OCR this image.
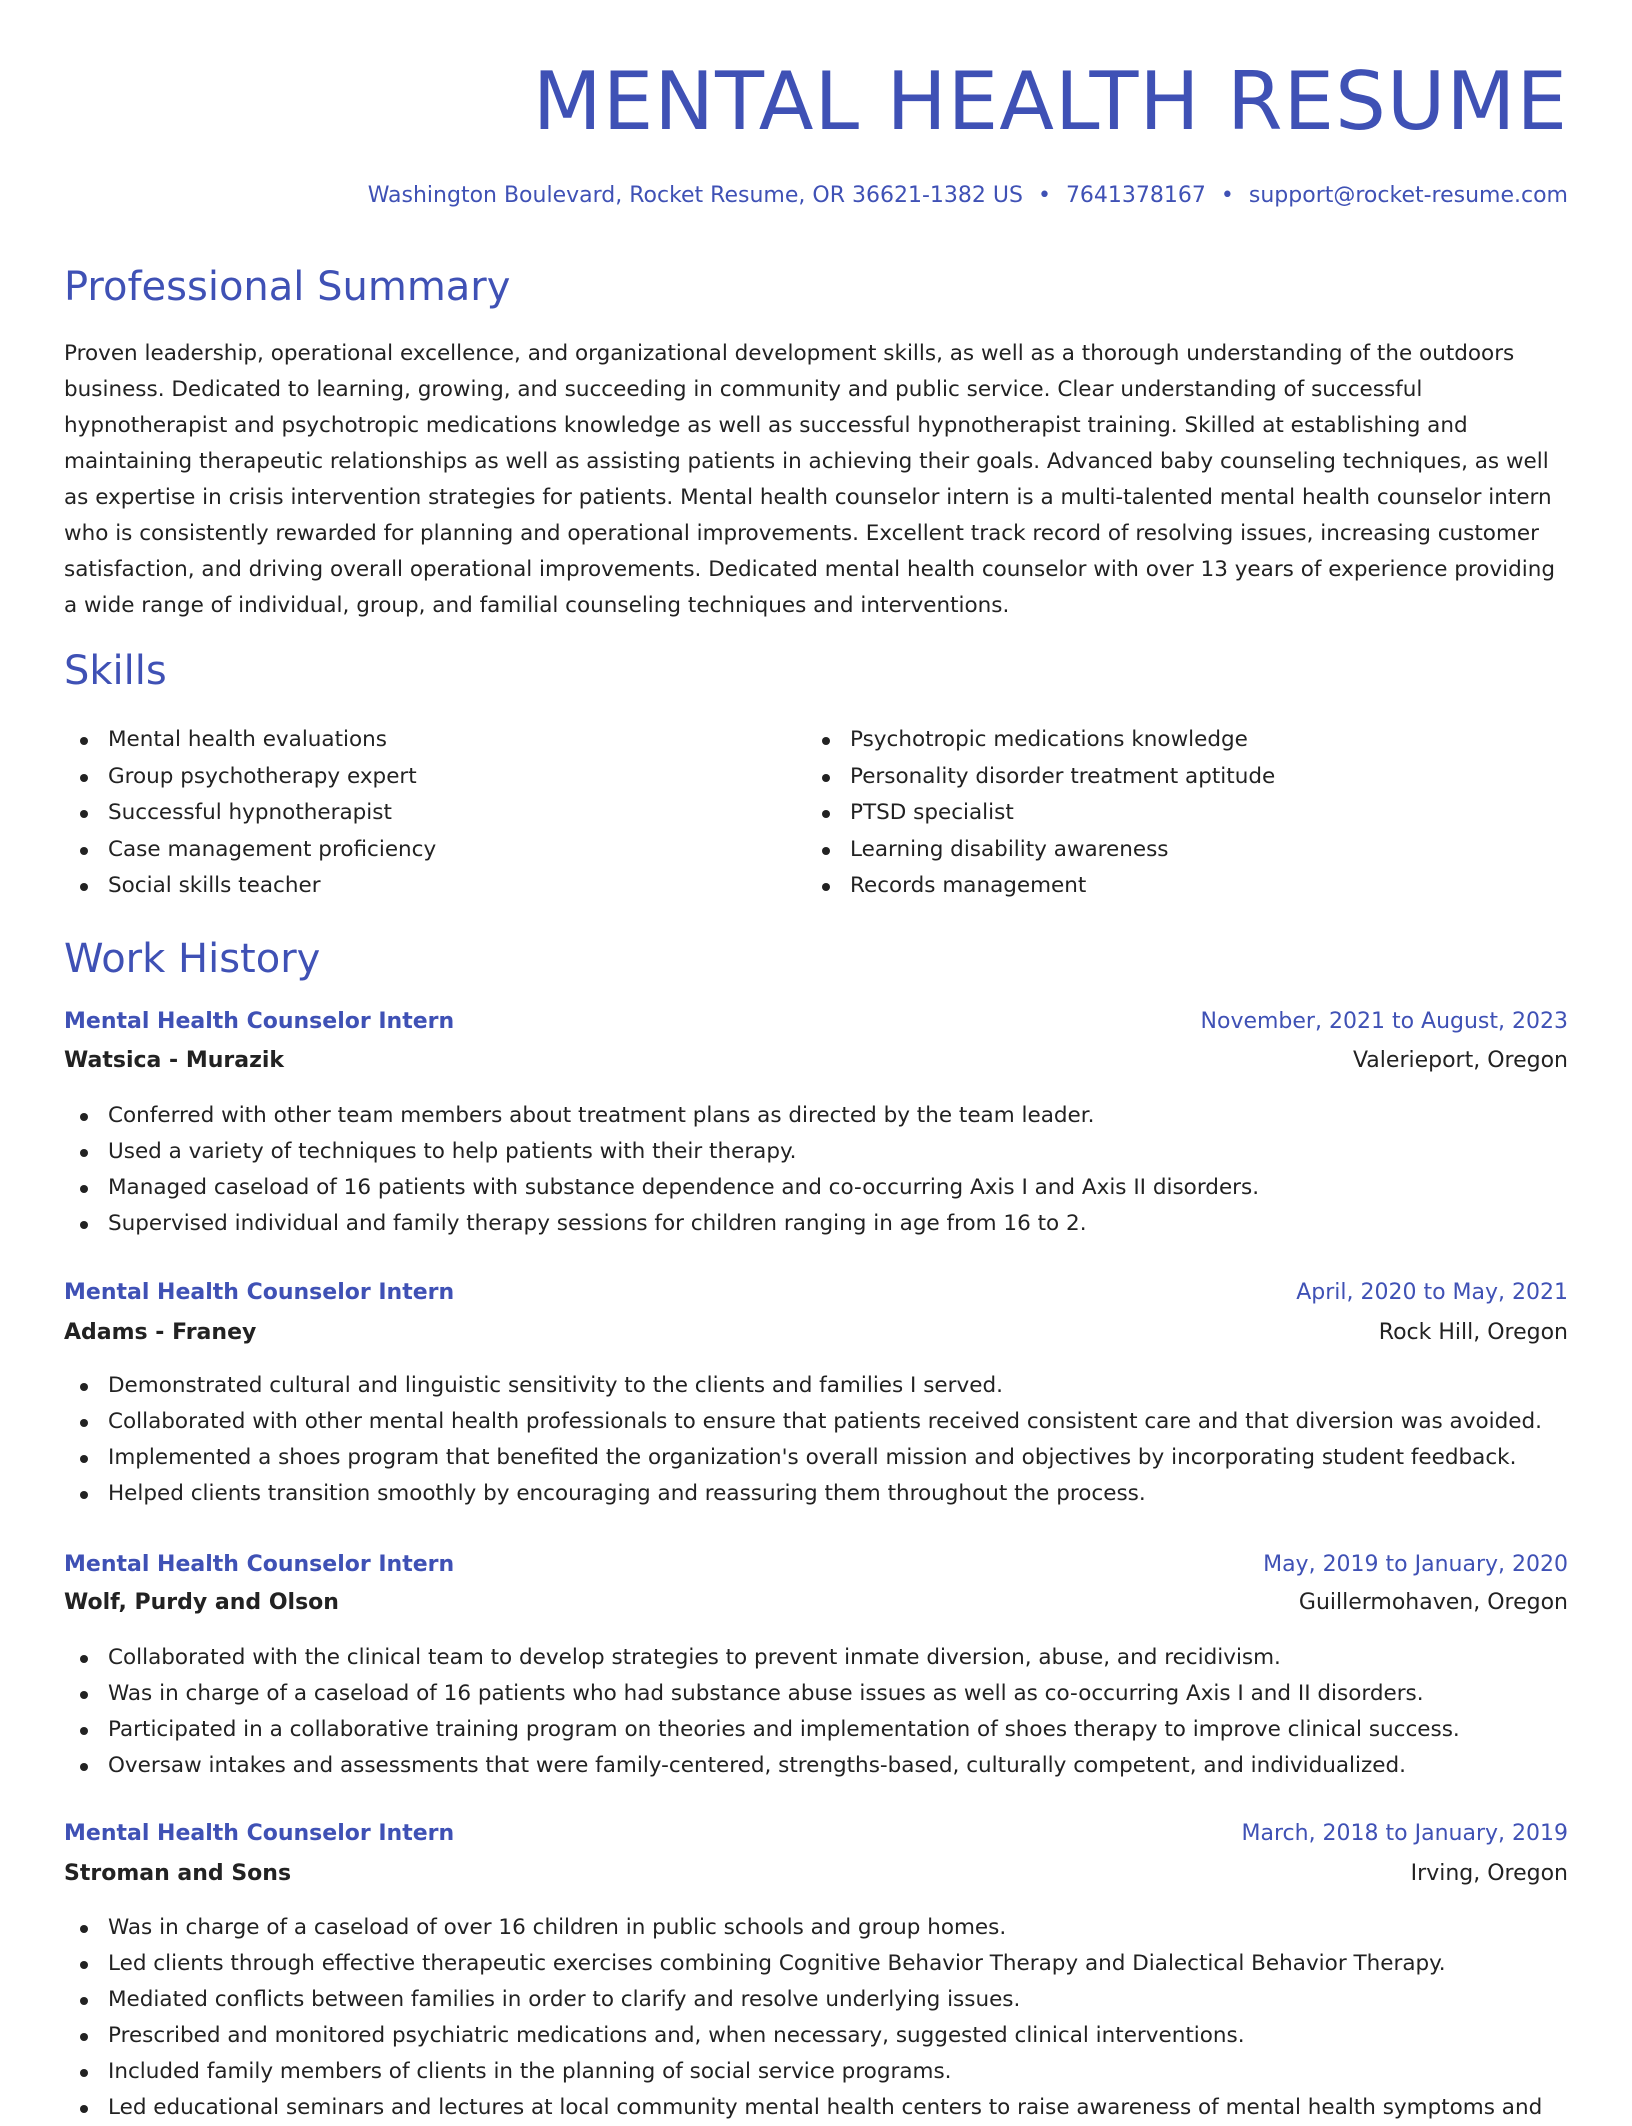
MENTAL HEALTH RESUME
Washington Boulevard, Rocket Resume, OR 36621-1382 US • 7641378167 • support@rocket-resume.com
Professional Summary

Proven leadership, operational excellence, and organizational development skills, as well as a thorough understanding of the outdoors business. Dedicated to learning, growing, and succeeding in community and public service. Clear understanding of successful hypnotherapist and psychotropic medications knowledge as well as successful hypnotherapist training. Skilled at establishing and maintaining therapeutic relationships as well as assisting patients in achieving their goals. Advanced baby counseling techniques, as well as expertise in crisis intervention strategies for patients. Mental health counselor intern is a multi-talented mental health counselor intern who is consistently rewarded for planning and operational improvements. Excellent track record of resolving issues, increasing customer satisfaction, and driving overall operational improvements. Dedicated mental health counselor with over 13 years of experience providing a wide range of individual, group, and familial counseling techniques and interventions.

Skills
Mental health evaluations
Group psychotherapy expert
Successful hypnotherapist
Case management proficiency
Social skills teacher
Psychotropic medications knowledge
Personality disorder treatment aptitude
PTSD specialist
Learning disability awareness
Records management
Work History
Mental Health Counselor Intern	November, 2021 to August, 2023
Watsica - Murazik	Valerieport, Oregon
Conferred with other team members about treatment plans as directed by the team leader.
Used a variety of techniques to help patients with their therapy.
Managed caseload of 16 patients with substance dependence and co-occurring Axis I and Axis II disorders.
Supervised individual and family therapy sessions for children ranging in age from 16 to 2.
Mental Health Counselor Intern	April, 2020 to May, 2021
Adams - Franey	Rock Hill, Oregon
Demonstrated cultural and linguistic sensitivity to the clients and families I served.
Collaborated with other mental health professionals to ensure that patients received consistent care and that diversion was avoided.
Implemented a shoes program that benefited the organization's overall mission and objectives by incorporating student feedback.
Helped clients transition smoothly by encouraging and reassuring them throughout the process.
Mental Health Counselor Intern	May, 2019 to January, 2020
Wolf, Purdy and Olson	Guillermohaven, Oregon
Collaborated with the clinical team to develop strategies to prevent inmate diversion, abuse, and recidivism.
Was in charge of a caseload of 16 patients who had substance abuse issues as well as co-occurring Axis I and II disorders.
Participated in a collaborative training program on theories and implementation of shoes therapy to improve clinical success.
Oversaw intakes and assessments that were family-centered, strengths-based, culturally competent, and individualized.
Mental Health Counselor Intern	March, 2018 to January, 2019
Stroman and Sons	Irving, Oregon
Was in charge of a caseload of over 16 children in public schools and group homes.
Led clients through effective therapeutic exercises combining Cognitive Behavior Therapy and Dialectical Behavior Therapy.
Mediated conflicts between families in order to clarify and resolve underlying issues.
Prescribed and monitored psychiatric medications and, when necessary, suggested clinical interventions.
Included family members of clients in the planning of social service programs.
Led educational seminars and lectures at local community mental health centers to raise awareness of mental health symptoms and
